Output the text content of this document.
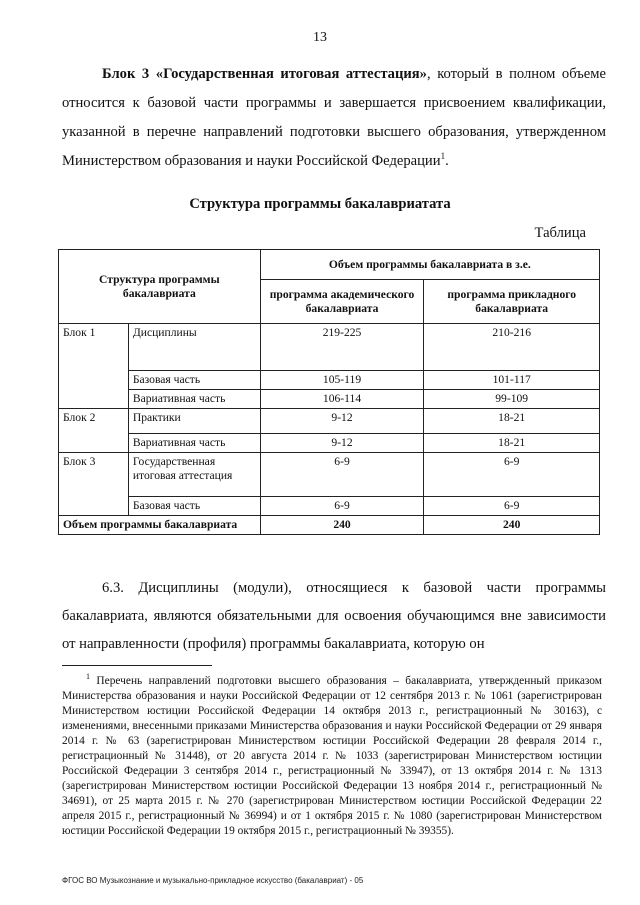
13

Блок 3 «Государственная итоговая аттестация», который в полном объеме относится к базовой части программы и завершается присвоением квалификации, указанной в перечне направлений подготовки высшего образования, утвержденном Министерством образования и науки Российской Федерации$^1$.

Структура программы бакалавриатата
Таблица
Структура программы бакалавриата		Объем программы бакалавриата в з.е.	
		программа академического бакалавриата	программа прикладного бакалавриата
Блок 1	Дисциплины	219-225	210-216
	Базовая часть	105-119	101-117
	Вариативная часть	106-114	99-109
Блок 2	Практики	9-12	18-21
	Вариативная часть	9-12	18-21
Блок 3	Государственная итоговая аттестация	6-9	6-9
	Базовая часть	6-9	6-9
Объем программы бакалавриата		240	240

6.3. Дисциплины (модули), относящиеся к базовой части программы бакалавриата, являются обязательными для освоения обучающимся вне зависимости от направленности (профиля) программы бакалавриата, которую он

$^1$ Перечень направлений подготовки высшего образования – бакалавриата, утвержденный приказом Министерства образования и науки Российской Федерации от 12 сентября 2013 г. № 1061 (зарегистрирован Министерством юстиции Российской Федерации 14 октября 2013 г., регистрационный № 30163), с изменениями, внесенными приказами Министерства образования и науки Российской Федерации от 29 января 2014 г. № 63 (зарегистрирован Министерством юстиции Российской Федерации 28 февраля 2014 г., регистрационный № 31448), от 20 августа 2014 г. № 1033 (зарегистрирован Министерством юстиции Российской Федерации 3 сентября 2014 г., регистрационный № 33947), от 13 октября 2014 г. № 1313 (зарегистрирован Министерством юстиции Российской Федерации 13 ноября 2014 г., регистрационный № 34691), от 25 марта 2015 г. № 270 (зарегистрирован Министерством юстиции Российской Федерации 22 апреля 2015 г., регистрационный № 36994) и от 1 октября 2015 г. № 1080 (зарегистрирован Министерством юстиции Российской Федерации 19 октября 2015 г., регистрационный № 39355).

ФГОС ВО Музыкознание и музыкально-прикладное искусство (бакалавриат) - 05
